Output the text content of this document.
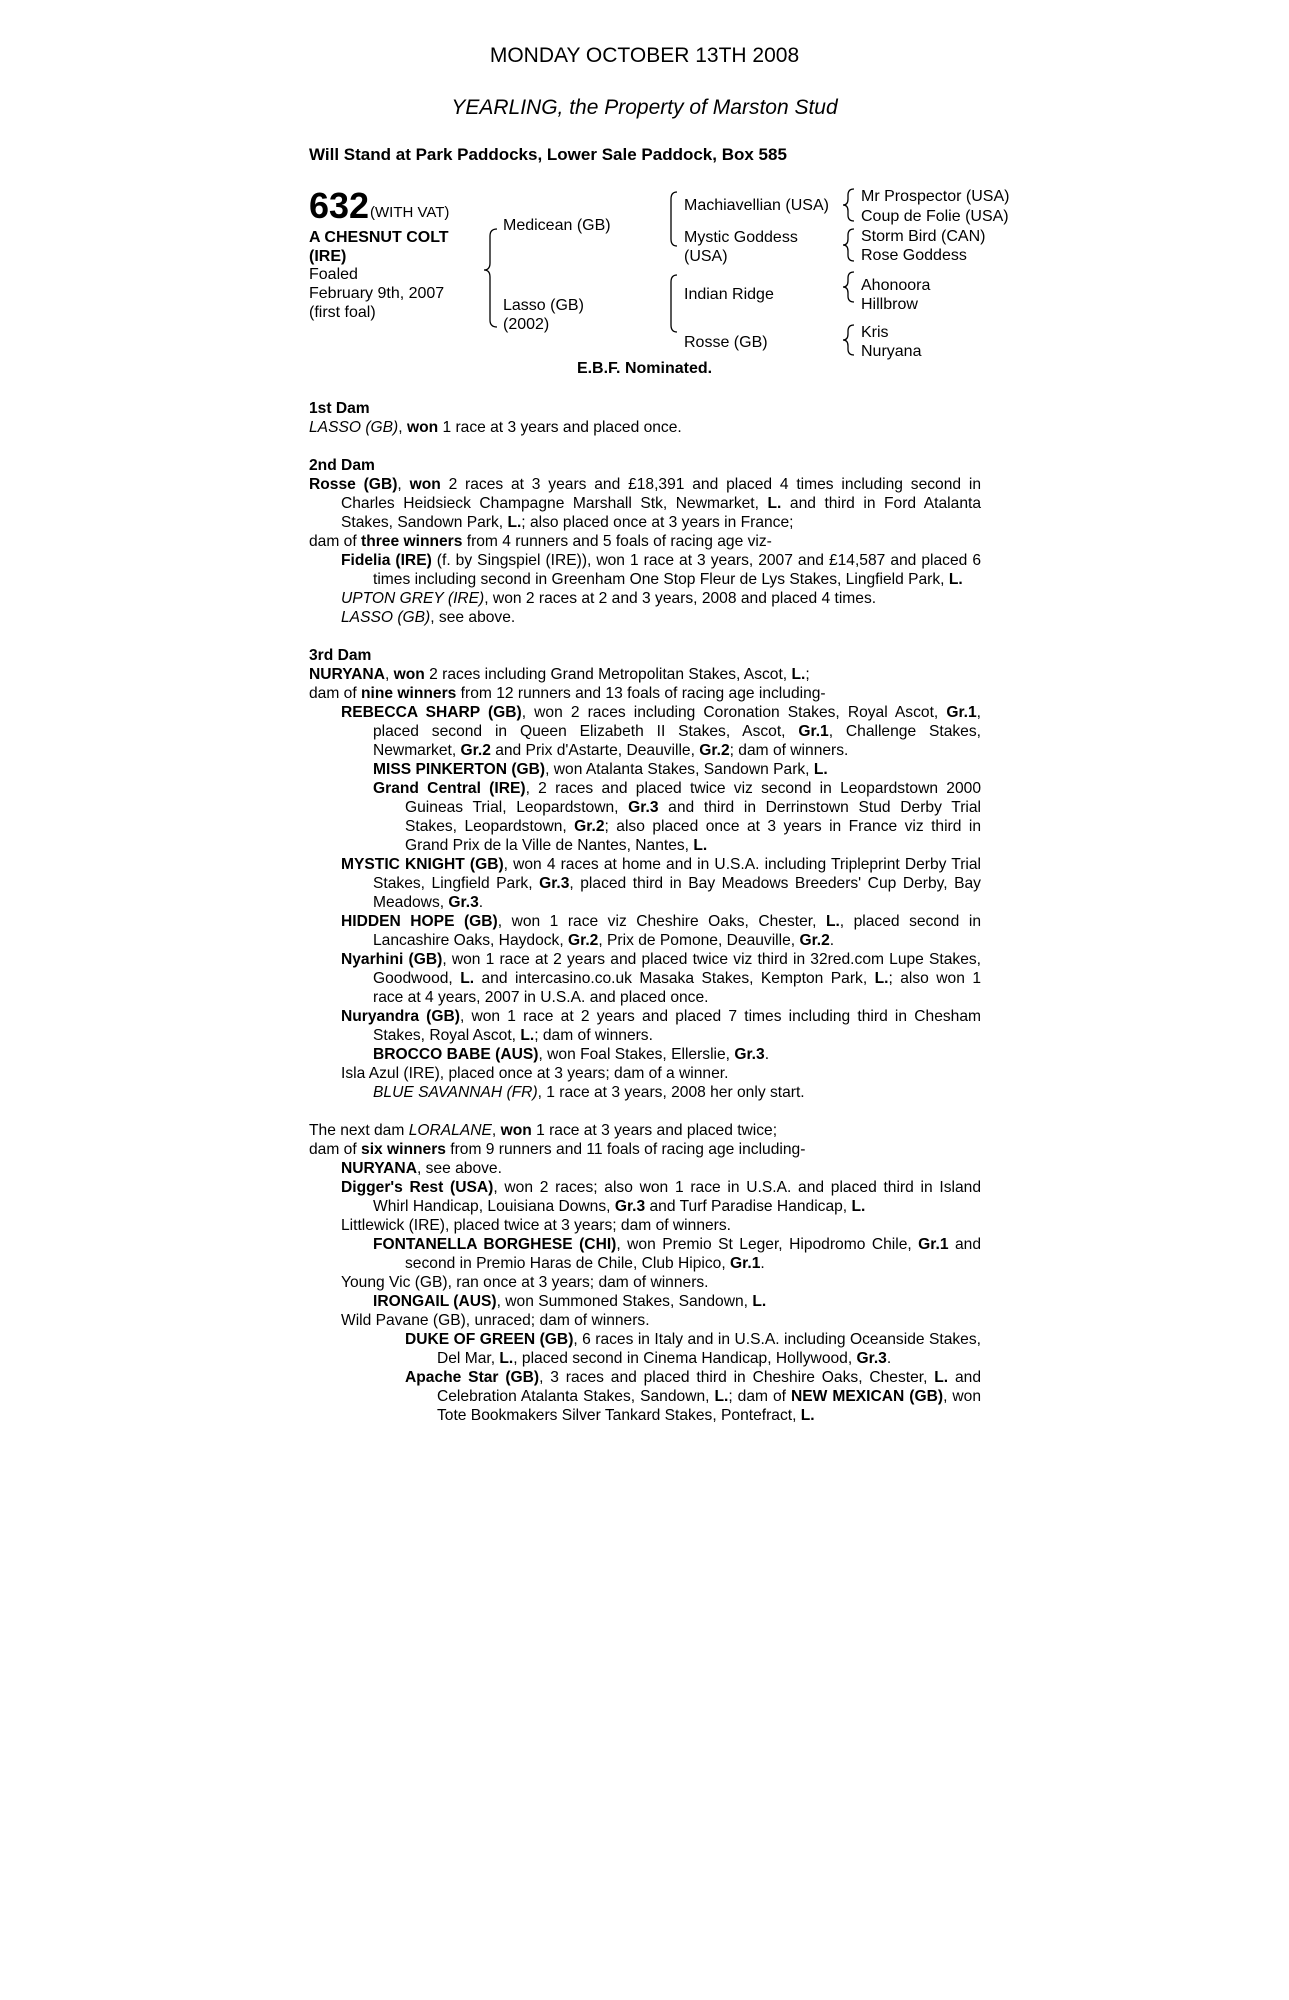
MONDAY OCTOBER 13TH 2008
YEARLING, the Property of Marston Stud
Will Stand at Park Paddocks, Lower Sale Paddock, Box 585
632 (WITH VAT)
A CHESNUT COLT
(IRE)
Foaled
February 9th, 2007
(first foal)
Medicean (GB)
Lasso (GB)
(2002)
Machiavellian (USA)
Mystic Goddess
(USA)
Indian Ridge
Rosse (GB)
Mr Prospector (USA)
Coup de Folie (USA)
Storm Bird (CAN)
Rose Goddess
Ahonoora
Hillbrow
Kris
Nuryana
E.B.F. Nominated.

1st Dam

LASSO (GB), won 1 race at 3 years and placed once.

2nd Dam

Rosse (GB), won 2 races at 3 years and £18,391 and placed 4 times including second in Charles Heidsieck Champagne Marshall Stk, Newmarket, L. and third in Ford Atalanta Stakes, Sandown Park, L.; also placed once at 3 years in France;

dam of three winners from 4 runners and 5 foals of racing age viz-

Fidelia (IRE) (f. by Singspiel (IRE)), won 1 race at 3 years, 2007 and £14,587 and placed 6 times including second in Greenham One Stop Fleur de Lys Stakes, Lingfield Park, L.

UPTON GREY (IRE), won 2 races at 2 and 3 years, 2008 and placed 4 times.

LASSO (GB), see above.

3rd Dam

NURYANA, won 2 races including Grand Metropolitan Stakes, Ascot, L.;

dam of nine winners from 12 runners and 13 foals of racing age including-

REBECCA SHARP (GB), won 2 races including Coronation Stakes, Royal Ascot, Gr.1, placed second in Queen Elizabeth II Stakes, Ascot, Gr.1, Challenge Stakes, Newmarket, Gr.2 and Prix d'Astarte, Deauville, Gr.2; dam of winners.

MISS PINKERTON (GB), won Atalanta Stakes, Sandown Park, L.

Grand Central (IRE), 2 races and placed twice viz second in Leopardstown 2000 Guineas Trial, Leopardstown, Gr.3 and third in Derrinstown Stud Derby Trial Stakes, Leopardstown, Gr.2; also placed once at 3 years in France viz third in Grand Prix de la Ville de Nantes, Nantes, L.

MYSTIC KNIGHT (GB), won 4 races at home and in U.S.A. including Tripleprint Derby Trial Stakes, Lingfield Park, Gr.3, placed third in Bay Meadows Breeders' Cup Derby, Bay Meadows, Gr.3.

HIDDEN HOPE (GB), won 1 race viz Cheshire Oaks, Chester, L., placed second in Lancashire Oaks, Haydock, Gr.2, Prix de Pomone, Deauville, Gr.2.

Nyarhini (GB), won 1 race at 2 years and placed twice viz third in 32red.com Lupe Stakes, Goodwood, L. and intercasino.co.uk Masaka Stakes, Kempton Park, L.; also won 1 race at 4 years, 2007 in U.S.A. and placed once.

Nuryandra (GB), won 1 race at 2 years and placed 7 times including third in Chesham Stakes, Royal Ascot, L.; dam of winners.

BROCCO BABE (AUS), won Foal Stakes, Ellerslie, Gr.3.

Isla Azul (IRE), placed once at 3 years; dam of a winner.

BLUE SAVANNAH (FR), 1 race at 3 years, 2008 her only start.

The next dam LORALANE, won 1 race at 3 years and placed twice;

dam of six winners from 9 runners and 11 foals of racing age including-

NURYANA, see above.

Digger's Rest (USA), won 2 races; also won 1 race in U.S.A. and placed third in Island Whirl Handicap, Louisiana Downs, Gr.3 and Turf Paradise Handicap, L.

Littlewick (IRE), placed twice at 3 years; dam of winners.

FONTANELLA BORGHESE (CHI), won Premio St Leger, Hipodromo Chile, Gr.1 and second in Premio Haras de Chile, Club Hipico, Gr.1.

Young Vic (GB), ran once at 3 years; dam of winners.

IRONGAIL (AUS), won Summoned Stakes, Sandown, L.

Wild Pavane (GB), unraced; dam of winners.

DUKE OF GREEN (GB), 6 races in Italy and in U.S.A. including Oceanside Stakes, Del Mar, L., placed second in Cinema Handicap, Hollywood, Gr.3.

Apache Star (GB), 3 races and placed third in Cheshire Oaks, Chester, L. and Celebration Atalanta Stakes, Sandown, L.; dam of NEW MEXICAN (GB), won Tote Bookmakers Silver Tankard Stakes, Pontefract, L.
